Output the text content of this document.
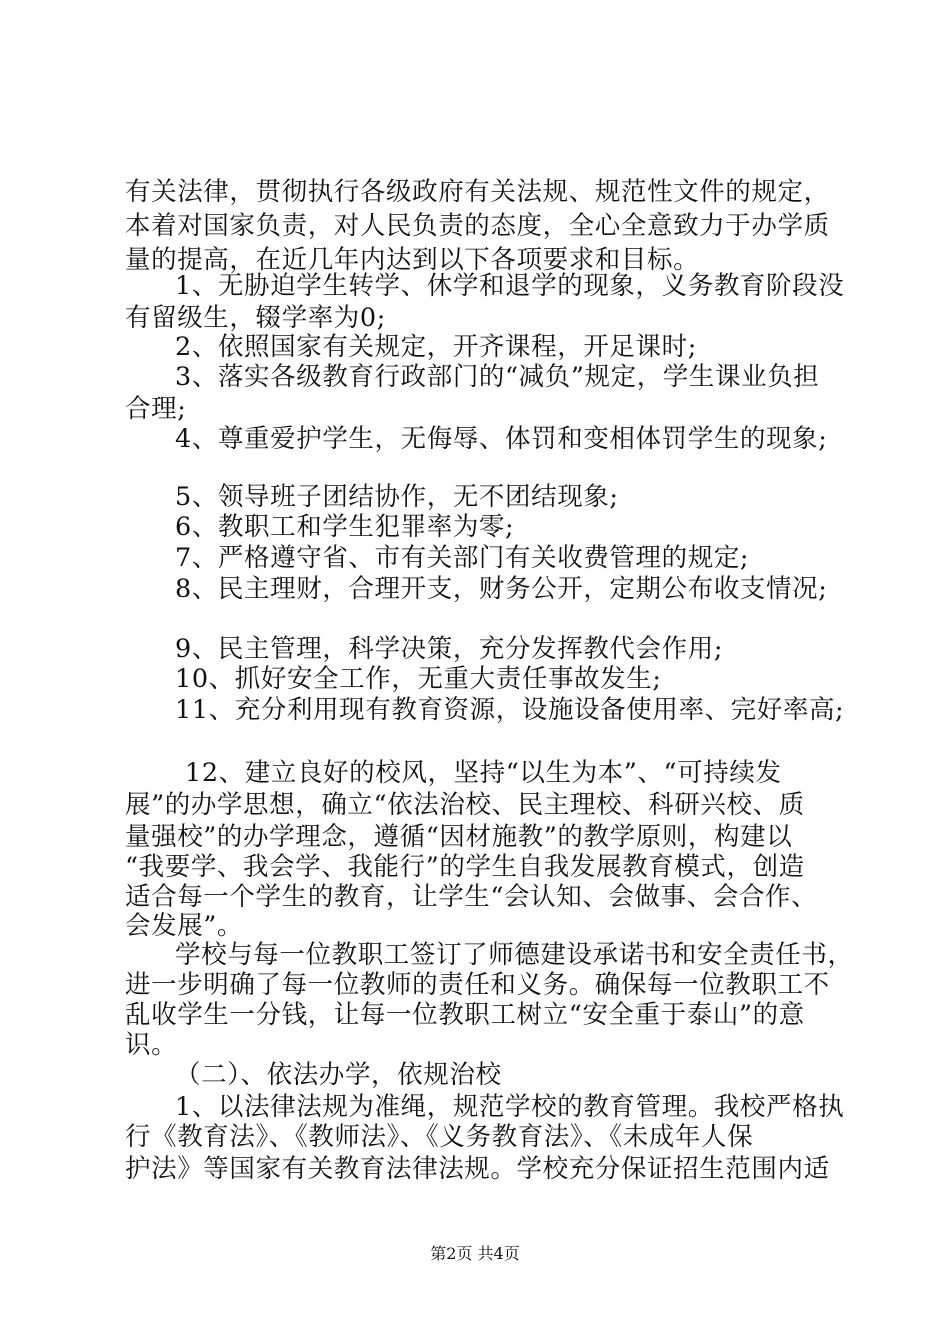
有关法律，贯彻执行各级政府有关法规、规范性文件的规定，
本着对国家负责，对人民负责的态度，全心全意致力于办学质
量的提高，在近几年内达到以下各项要求和目标。
1、无胁迫学生转学、休学和退学的现象，义务教育阶段没
有留级生，辍学率为0;
2、依照国家有关规定，开齐课程，开足课时;
3、落实各级教育行政部门的“减负”规定，学生课业负担
合理;
4、尊重爱护学生，无侮辱、体罚和变相体罚学生的现象;
5、领导班子团结协作，无不团结现象;
6、教职工和学生犯罪率为零;
7、严格遵守省、市有关部门有关收费管理的规定;
8、民主理财，合理开支，财务公开，定期公布收支情况;
9、民主管理，科学决策，充分发挥教代会作用;
10、抓好安全工作，无重大责任事故发生;
11、充分利用现有教育资源，设施设备使用率、完好率高;
12、建立良好的校风，坚持“以生为本”、“可持续发
展”的办学思想，确立“依法治校、民主理校、科研兴校、质
量强校”的办学理念，遵循“因材施教”的教学原则，构建以
“我要学、我会学、我能行”的学生自我发展教育模式，创造
适合每一个学生的教育，让学生“会认知、会做事、会合作、
会发展”。
学校与每一位教职工签订了师德建设承诺书和安全责任书，
进一步明确了每一位教师的责任和义务。确保每一位教职工不
乱收学生一分钱，让每一位教职工树立“安全重于泰山”的意
识。
（二）、依法办学，依规治校
1、以法律法规为准绳，规范学校的教育管理。我校严格执
行《教育法》、《教师法》、《义务教育法》、《未成年人保
护法》等国家有关教育法律法规。学校充分保证招生范围内适
第2页 共4页
